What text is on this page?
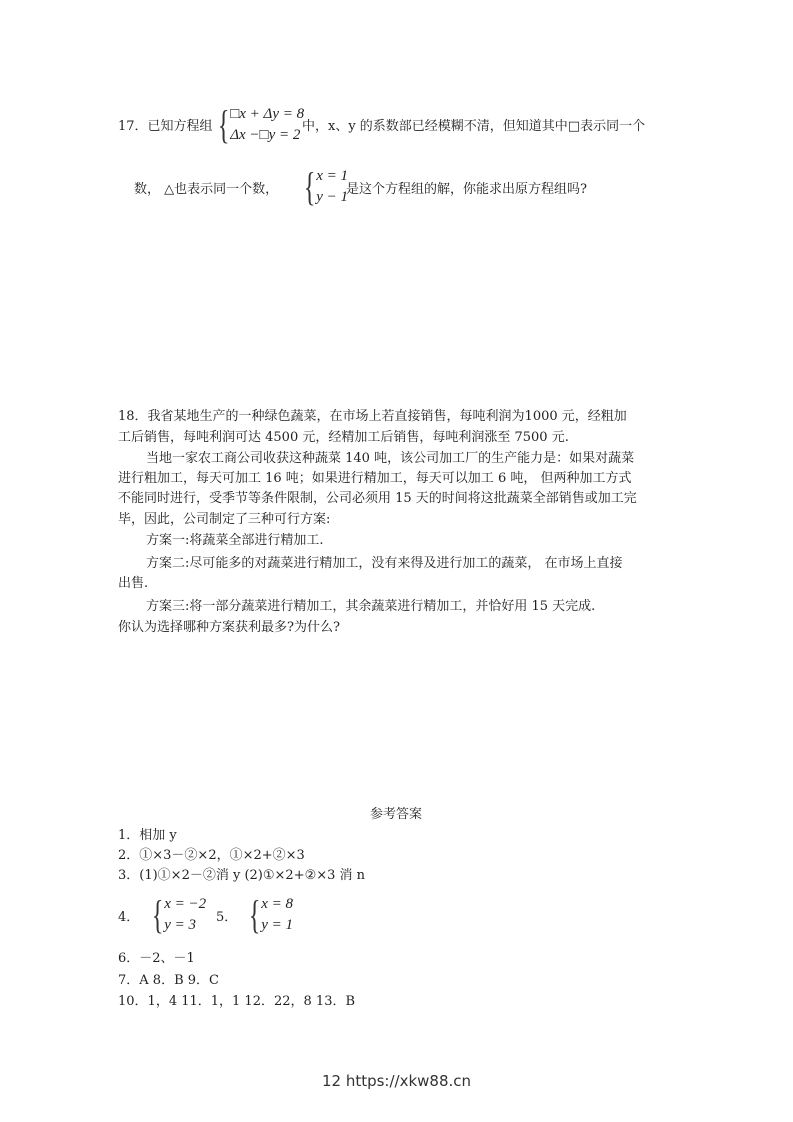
17．已知方程组 { □x + Δy = 8
Δx −□y = 2
中，x、y 的系数部已经模糊不清，但知道其中□表示同一个
数， △也表示同一个数， { x = 1
y − 1
是这个方程组的解，你能求出原方程组吗?
18．我省某地生产的一种绿色蔬菜，在市场上若直接销售，每吨利润为1000 元，经粗加
工后销售，每吨利润可达 4500 元，经精加工后销售，每吨利润涨至 7500 元.
当地一家农工商公司收获这种蔬菜 140 吨，该公司加工厂的生产能力是：如果对蔬菜
进行粗加工，每天可加工 16 吨；如果进行精加工，每天可以加工 6 吨， 但两种加工方式
不能同时进行，受季节等条件限制，公司必须用 15 天的时间将这批蔬菜全部销售或加工完
毕，因此，公司制定了三种可行方案:
方案一:将蔬菜全部进行精加工.
方案二:尽可能多的对蔬菜进行精加工，没有来得及进行加工的蔬菜， 在市场上直接
出售.
方案三:将一部分蔬菜进行精加工，其余蔬菜进行精加工，并恰好用 15 天完成.
你认为选择哪种方案获利最多?为什么?
参考答案
1．相加 y
2．①×3－②×2，①×2+②×3
3．(1)①×2－②消 y (2)①×2+②×3 消 n
4． { x = −2
y = 3	5． { x = 8
y = 1
6．－2、－1
7．A 8．B 9．C
10．1，4 11．1，1 12．22，8 13．B
12 https://xkw88.cn
